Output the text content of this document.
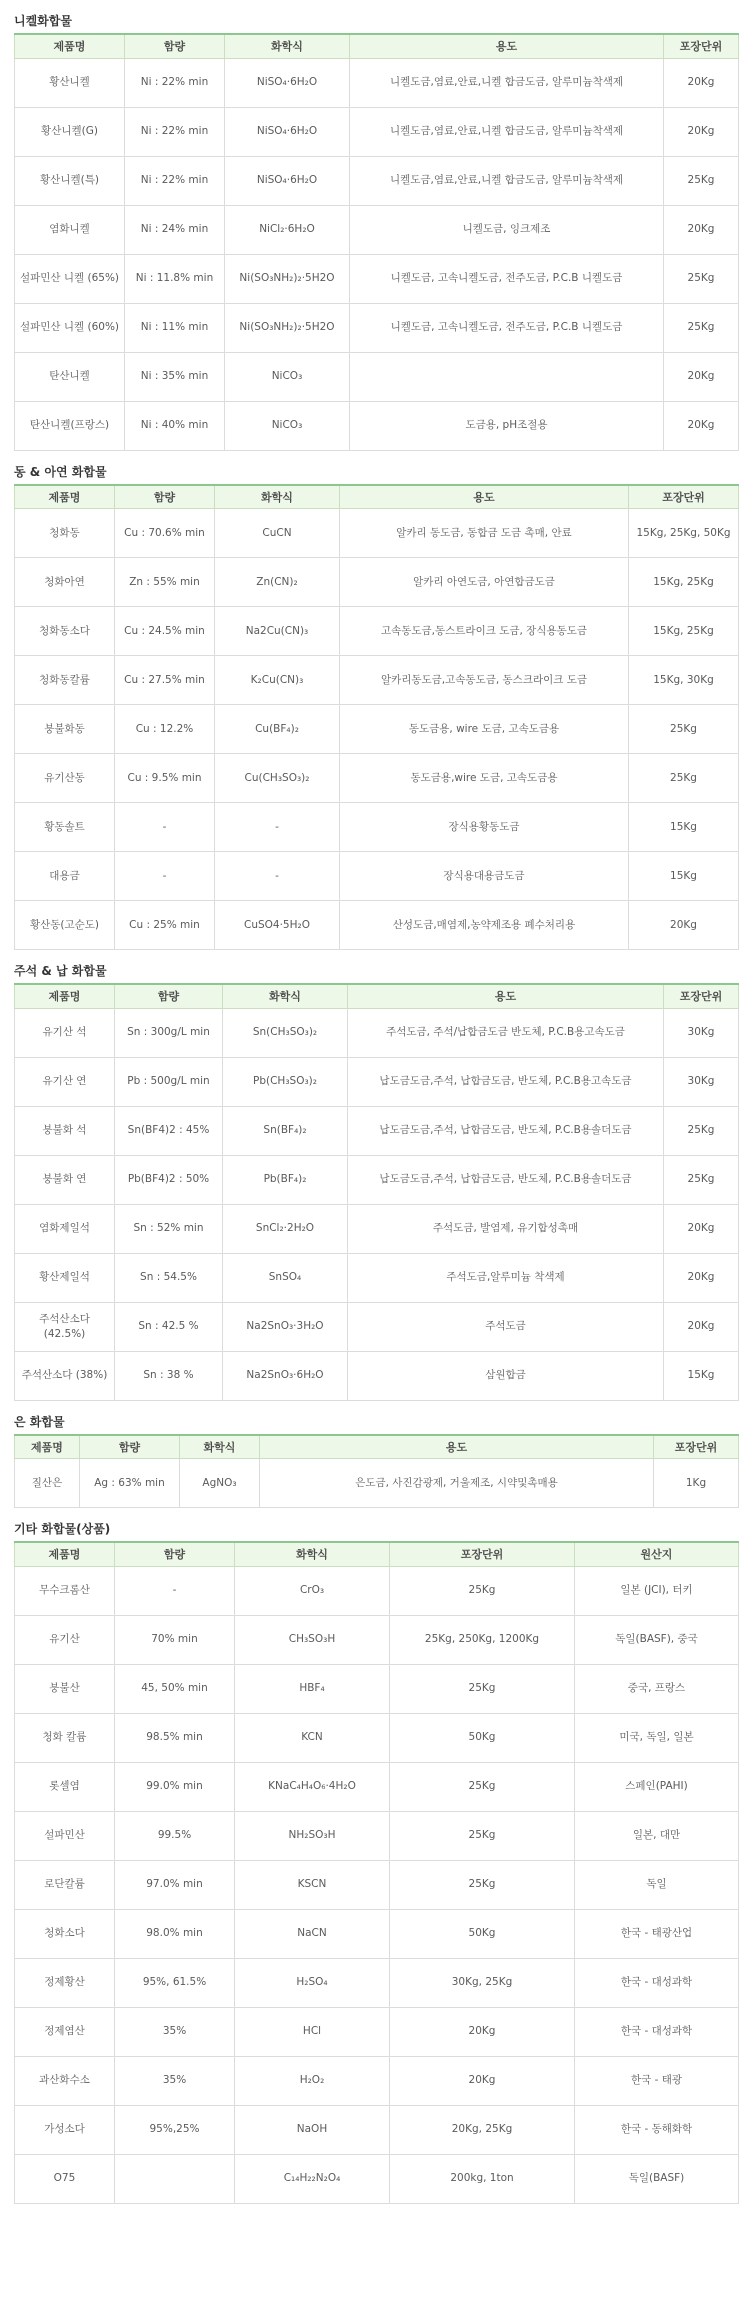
니켈화합물
제품명	함량	화학식	용도	포장단위
황산니켈	Ni : 22% min	NiSO₄·6H₂O	니켈도금,염료,안료,니켈 합금도금, 알루미늄착색제	20Kg
황산니켈(G)	Ni : 22% min	NiSO₄·6H₂O	니켈도금,염료,안료,니켈 합금도금, 알루미늄착색제	20Kg
황산니켈(특)	Ni : 22% min	NiSO₄·6H₂O	니켈도금,염료,안료,니켈 합금도금, 알루미늄착색제	25Kg
염화니켈	Ni : 24% min	NiCl₂·6H₂O	니켈도금, 잉크제조	20Kg
설파민산 니켈 (65%)	Ni : 11.8% min	Ni(SO₃NH₂)₂·5H2O	니켈도금, 고속니켈도금, 전주도금, P.C.B 니켈도금	25Kg
설파민산 니켈 (60%)	Ni : 11% min	Ni(SO₃NH₂)₂·5H2O	니켈도금, 고속니켈도금, 전주도금, P.C.B 니켈도금	25Kg
탄산니켈	Ni : 35% min	NiCO₃		20Kg
탄산니켈(프랑스)	Ni : 40% min	NiCO₃	도금용, pH조절용	20Kg
동 & 아연 화합물
제품명	함량	화학식	용도	포장단위
청화동	Cu : 70.6% min	CuCN	알카리 동도금, 동합금 도금 촉매, 안료	15Kg, 25Kg, 50Kg
청화아연	Zn : 55% min	Zn(CN)₂	알카리 아연도금, 아연합금도금	15Kg, 25Kg
청화동소다	Cu : 24.5% min	Na2Cu(CN)₃	고속동도금,동스트라이크 도금, 장식용동도금	15Kg, 25Kg
청화동칼륨	Cu : 27.5% min	K₂Cu(CN)₃	알카리동도금,고속동도금, 동스크라이크 도금	15Kg, 30Kg
붕불화동	Cu : 12.2%	Cu(BF₄)₂	동도금용, wire 도금, 고속도금용	25Kg
유기산동	Cu : 9.5% min	Cu(CH₃SO₃)₂	동도금용,wire 도금, 고속도금용	25Kg
황동솔트	-	-	장식용황동도금	15Kg
대용금	-	-	장식용대용금도금	15Kg
황산동(고순도)	Cu : 25% min	CuSO4·5H₂O	산성도금,매염제,농약제조용 폐수처리용	20Kg
주석 & 납 화합물
제품명	함량	화학식	용도	포장단위
유기산 석	Sn : 300g/L min	Sn(CH₃SO₃)₂	주석도금, 주석/납합금도금 반도체, P.C.B용고속도금	30Kg
유기산 연	Pb : 500g/L min	Pb(CH₃SO₃)₂	납도금도금,주석, 납합금도금, 반도체, P.C.B용고속도금	30Kg
붕불화 석	Sn(BF4)2 : 45%	Sn(BF₄)₂	납도금도금,주석, 납합금도금, 반도체, P.C.B용솔더도금	25Kg
붕불화 연	Pb(BF4)2 : 50%	Pb(BF₄)₂	납도금도금,주석, 납합금도금, 반도체, P.C.B용솔더도금	25Kg
염화제일석	Sn : 52% min	SnCl₂·2H₂O	주석도금, 발염제, 유기합성촉매	20Kg
황산제일석	Sn : 54.5%	SnSO₄	주석도금,알루미늄 착색제	20Kg
주석산소다 (42.5%)	Sn : 42.5 %	Na2SnO₃·3H₂O	주석도금	20Kg
주석산소다 (38%)	Sn : 38 %	Na2SnO₃·6H₂O	삼원합금	15Kg
은 화합물
제품명	함량	화학식	용도	포장단위
질산은	Ag : 63% min	AgNO₃	은도금, 사진감광제, 거울제조, 시약및촉매용	1Kg
기타 화합물(상품)
제품명	함량	화학식	포장단위	원산지
무수크롬산	-	CrO₃	25Kg	일본 (JCI), 터키
유기산	70% min	CH₃SO₃H	25Kg, 250Kg, 1200Kg	독일(BASF), 중국
붕불산	45, 50% min	HBF₄	25Kg	중국, 프랑스
청화 칼륨	98.5% min	KCN	50Kg	미국, 독일, 일본
롯셀염	99.0% min	KNaC₄H₄O₆·4H₂O	25Kg	스페인(PAHI)
설파민산	99.5%	NH₂SO₃H	25Kg	일본, 대만
로단칼륨	97.0% min	KSCN	25Kg	독일
청화소다	98.0% min	NaCN	50Kg	한국 - 태광산업
정제황산	95%, 61.5%	H₂SO₄	30Kg, 25Kg	한국 - 대성과학
정제염산	35%	HCl	20Kg	한국 - 대성과학
과산화수소	35%	H₂O₂	20Kg	한국 - 태광
가성소다	95%,25%	NaOH	20Kg, 25Kg	한국 - 동해화학
O75		C₁₄H₂₂N₂O₄	200kg, 1ton	독일(BASF)
